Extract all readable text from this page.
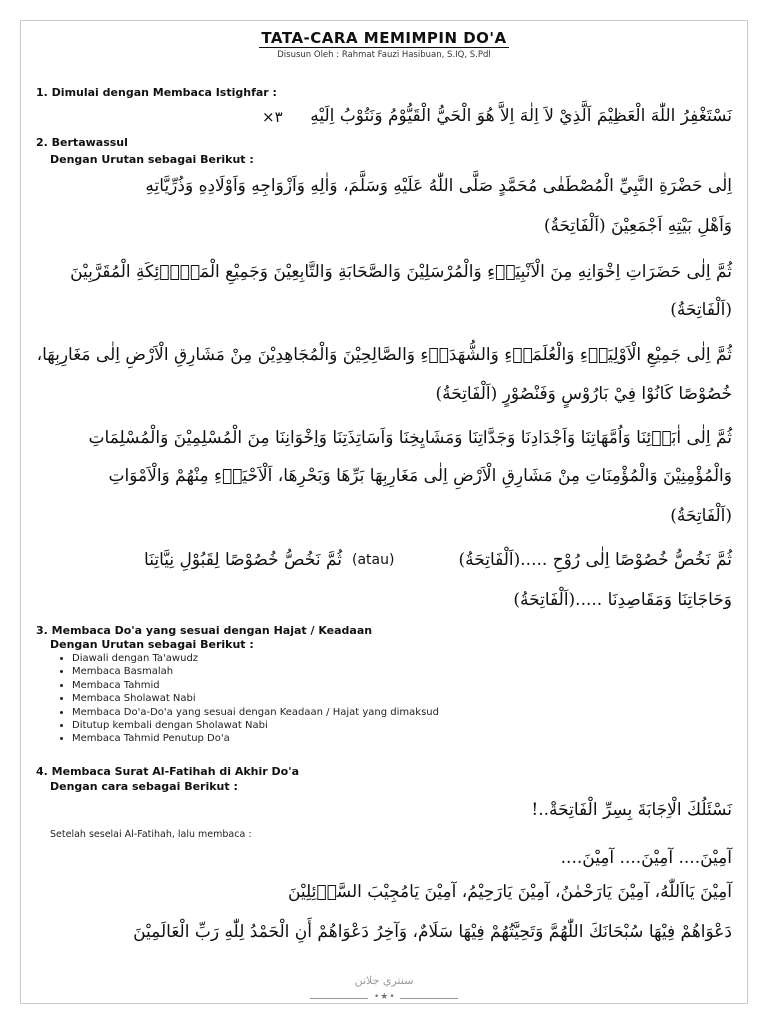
TATA-CARA MEMIMPIN DO'A
Disusun Oleh : Rahmat Fauzi Hasibuan, S.IQ, S.Pdl
1. Dimulai dengan Membaca Istighfar :
نَسْتَغْفِرُ اللّٰهَ الْعَظِيْمَ اَلَّذِيْ لاَ اِلٰهَ اِلاَّ هُوَ الْحَيُّ الْقَيُّوْمُ وَنَتُوْبُ اِلَيْهِ
×٣
2. Bertawassul
Dengan Urutan sebagai Berikut :
اِلٰى حَضْرَةِ النَّبِيِّ الْمُصْطَفٰى مُحَمَّدٍ صَلَّى اللّٰهُ عَلَيْهِ وَسَلَّمَ، وَاٰلِهِ وَاَزْوَاجِهِ وَاَوْلَادِهِ وَذُرِّيَّاتِهِ
وَاَهْلِ بَيْتِهِ اَجْمَعِيْنَ (اَلْفَاتِحَةُ)
ثُمَّ اِلٰى حَضَرَاتِ اِخْوَانِهِ مِنَ الْاَنْبِيَاۤءِ وَالْمُرْسَلِيْنَ وَالصَّحَابَةِ وَالتَّابِعِيْنَ وَجَمِيْعِ الْمَلَاۤئِكَةِ الْمُقَرَّبِيْنَ
(اَلْفَاتِحَةُ)
ثُمَّ اِلٰى جَمِيْعِ الْاَوْلِيَاۤءِ وَالْعُلَمَاۤءِ وَالشُّهَدَاۤءِ وَالصَّالِحِيْنَ وَالْمُجَاهِدِيْنَ مِنْ مَشَارِقِ الْاَرْضِ اِلٰى مَغَارِبِهَا،
خُصُوْصًا كَانُوْا فِيْ بَارُوْسٍ وَفَنْصُوْرٍ (اَلْفَاتِحَةُ)
ثُمَّ اِلٰى اٰبَاۤئِنَا وَاُمَّهَاتِنَا وَاَجْدَادِنَا وَجَدَّاتِنَا وَمَشَايِخِنَا وَاَسَاتِذَتِنَا وَاِخْوَانِنَا مِنَ الْمُسْلِمِيْنَ وَالْمُسْلِمَاتِ
وَالْمُؤْمِنِيْنَ وَالْمُؤْمِنَاتِ مِنْ مَشَارِقِ الْاَرْضِ اِلٰى مَغَارِبِهَا بَرِّهَا وَبَحْرِهَا، اَلْاَحْيَاۤءِ مِنْهُمْ وَالْاَمْوَاتِ
(اَلْفَاتِحَةُ)
ثُمَّ نَخُصُّ خُصُوْصًا اِلٰى رُوْحِ .....(اَلْفَاتِحَةُ)
(atau)
ثُمَّ نَخُصُّ خُصُوْصًا لِقَبُوْلِ نِيَّاتِنَا
وَحَاجَاتِنَا وَمَقَاصِدِنَا .....(اَلْفَاتِحَةُ)
3. Membaca Do'a yang sesuai dengan Hajat / Keadaan
Dengan Urutan sebagai Berikut :
• Diawali dengan Ta'awudz
• Membaca Basmalah
• Membaca Tahmid
• Membaca Sholawat Nabi
• Membaca Do'a-Do'a yang sesuai dengan Keadaan / Hajat yang dimaksud
• Ditutup kembali dengan Sholawat Nabi
• Membaca Tahmid Penutup Do'a
4. Membaca Surat Al-Fatihah di Akhir Do'a
Dengan cara sebagai Berikut :
نَسْئَلُكَ الْاِجَابَةَ بِسِرِّ الْفَاتِحَةْ..!
Setelah seselai Al-Fatihah, lalu membaca :
آمِيْنَ.... آمِيْنَ.... آمِيْنَ....
آمِيْنَ يَااَللّٰهُ، آمِيْنَ يَارَحْمٰنُ، آمِيْنَ يَارَحِيْمُ، آمِيْنَ يَامُجِيْبَ السَّاۤئِلِيْنَ
دَعْوَاهُمْ فِيْهَا سُبْحَانَكَ اللّٰهُمَّ وَتَحِيَّتُهُمْ فِيْهَا سَلَامٌ، وَآخِرُ دَعْوَاهُمْ أَنِ الْحَمْدُ لِلّٰهِ رَبِّ الْعَالَمِيْنَ
سنتري جلانن
•★•
